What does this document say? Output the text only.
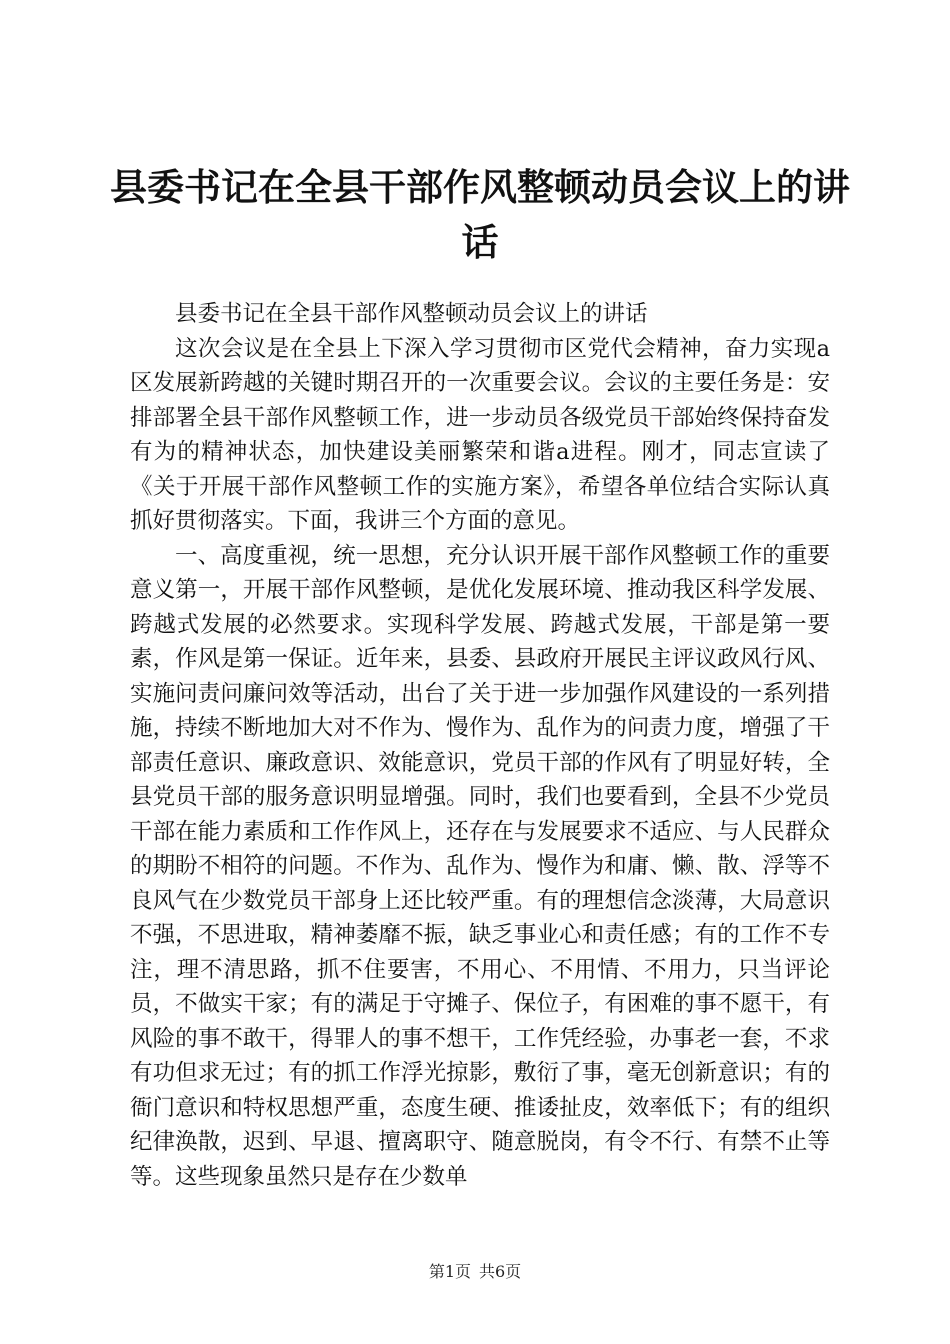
县委书记在全县干部作风整顿动员会议上的讲话

县委书记在全县干部作风整顿动员会议上的讲话

这次会议是在全县上下深入学习贯彻市区党代会精神，奋力实现a区发展新跨越的关键时期召开的一次重要会议。会议的主要任务是：安排部署全县干部作风整顿工作，进一步动员各级党员干部始终保持奋发有为的精神状态，加快建设美丽繁荣和谐a进程。刚才，同志宣读了《关于开展干部作风整顿工作的实施方案》，希望各单位结合实际认真抓好贯彻落实。下面，我讲三个方面的意见。

一、高度重视，统一思想，充分认识开展干部作风整顿工作的重要意义第一，开展干部作风整顿，是优化发展环境、推动我区科学发展、跨越式发展的必然要求。实现科学发展、跨越式发展，干部是第一要素，作风是第一保证。近年来，县委、县政府开展民主评议政风行风、实施问责问廉问效等活动，出台了关于进一步加强作风建设的一系列措施，持续不断地加大对不作为、慢作为、乱作为的问责力度，增强了干部责任意识、廉政意识、效能意识，党员干部的作风有了明显好转，全县党员干部的服务意识明显增强。同时，我们也要看到，全县不少党员干部在能力素质和工作作风上，还存在与发展要求不适应、与人民群众的期盼不相符的问题。不作为、乱作为、慢作为和庸、懒、散、浮等不良风气在少数党员干部身上还比较严重。有的理想信念淡薄，大局意识不强，不思进取，精神萎靡不振，缺乏事业心和责任感；有的工作不专注，理不清思路，抓不住要害，不用心、不用情、不用力，只当评论员，不做实干家；有的满足于守摊子、保位子，有困难的事不愿干，有风险的事不敢干，得罪人的事不想干，工作凭经验，办事老一套，不求有功但求无过；有的抓工作浮光掠影，敷衍了事，毫无创新意识；有的衙门意识和特权思想严重，态度生硬、推诿扯皮，效率低下；有的组织纪律涣散，迟到、早退、擅离职守、随意脱岗，有令不行、有禁不止等等。这些现象虽然只是存在少数单

第1页 共6页
